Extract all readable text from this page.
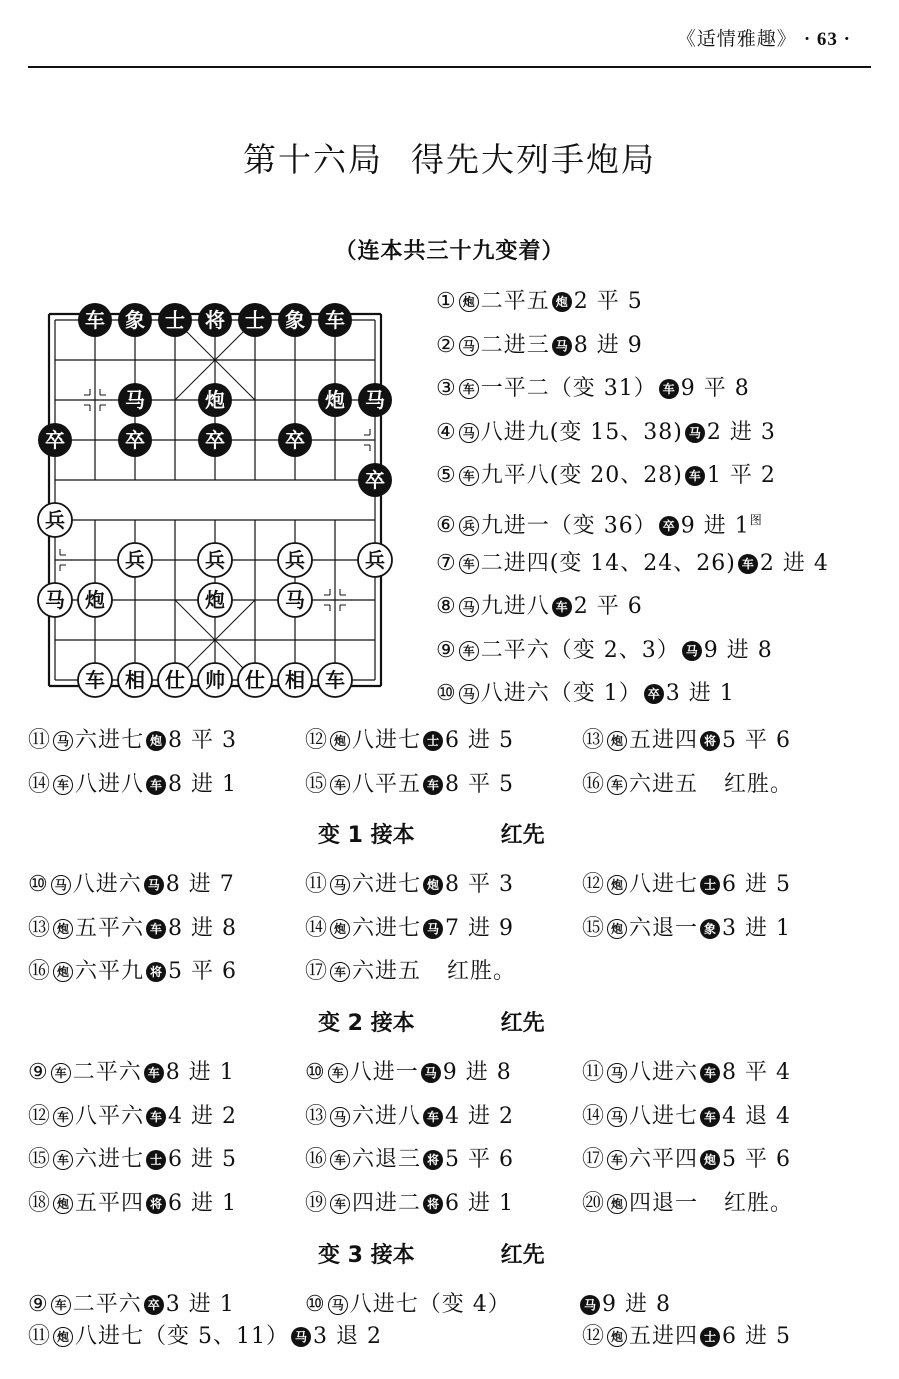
《适情雅趣》 · 63 ·
第十六局 得先大列手炮局
（连本共三十九变着）
车 象 士 将 士 象 车
马	炮	炮 马
卒	卒	卒	卒
卒
兵
兵	兵	兵	兵
马 炮	炮	马
车 相 仕 帅 仕 相 车
① 炮 二平五 炮 2 平 5
② 马 二进三 马 8 进 9
③ 车 一平二（变 31） 车 9 平 8
④ 马 八进九(变 15、38) 马 2 进 3
⑤ 车 九平八(变 20、28) 车 1 平 2
⑥ 兵 九进一（变 36） 卒 9 进 $1^图$
⑦ 车 二进四(变 14、24、26) 车 2 进 4
⑧ 马 九进八 车 2 平 6
⑨ 车 二平六（变 2、3） 马 9 进 8
⑩ 马 八进六（变 1） 卒 3 进 1
⑪ 马 六进七 炮 8 平 3	⑫ 炮 八进七 士 6 进 5	⑬ 炮 五进四 将 5 平 6
⑭ 车 八进八 车 8 进 1	⑮ 车 八平五 车 8 平 5	⑯ 车 六进五 红胜。
⑩ 马 八进六 马 8 进 7	⑪ 马 六进七 炮 8 平 3	⑫ 炮 八进七 士 6 进 5
⑬ 炮 五平六 车 8 进 8	⑭ 炮 六进七 马 7 进 9	⑮ 炮 六退一 象 3 进 1
⑯ 炮 六平九 将 5 平 6	⑰ 车 六进五 红胜。
⑨ 车 二平六 车 8 进 1	⑩ 车 八进一 马 9 进 8	⑪ 马 八进六 车 8 平 4
⑫ 车 八平六 车 4 进 2	⑬ 马 六进八 车 4 进 2	⑭ 马 八进七 车 4 退 4
⑮ 车 六进七 士 6 进 5	⑯ 车 六退三 将 5 平 6	⑰ 车 六平四 炮 5 平 6
⑱ 炮 五平四 将 6 进 1	⑲ 车 四进二 将 6 进 1	⑳ 炮 四退一 红胜。
⑨ 车 二平六 卒 3 进 1	⑩ 马 八进七（变 4）	马 9 进 8
⑪ 炮 八进七（变 5、11） 马 3 退 2	⑫ 炮 五进四 士 6 进 5
变 1 接本	红先
变 2 接本	红先
变 3 接本	红先
